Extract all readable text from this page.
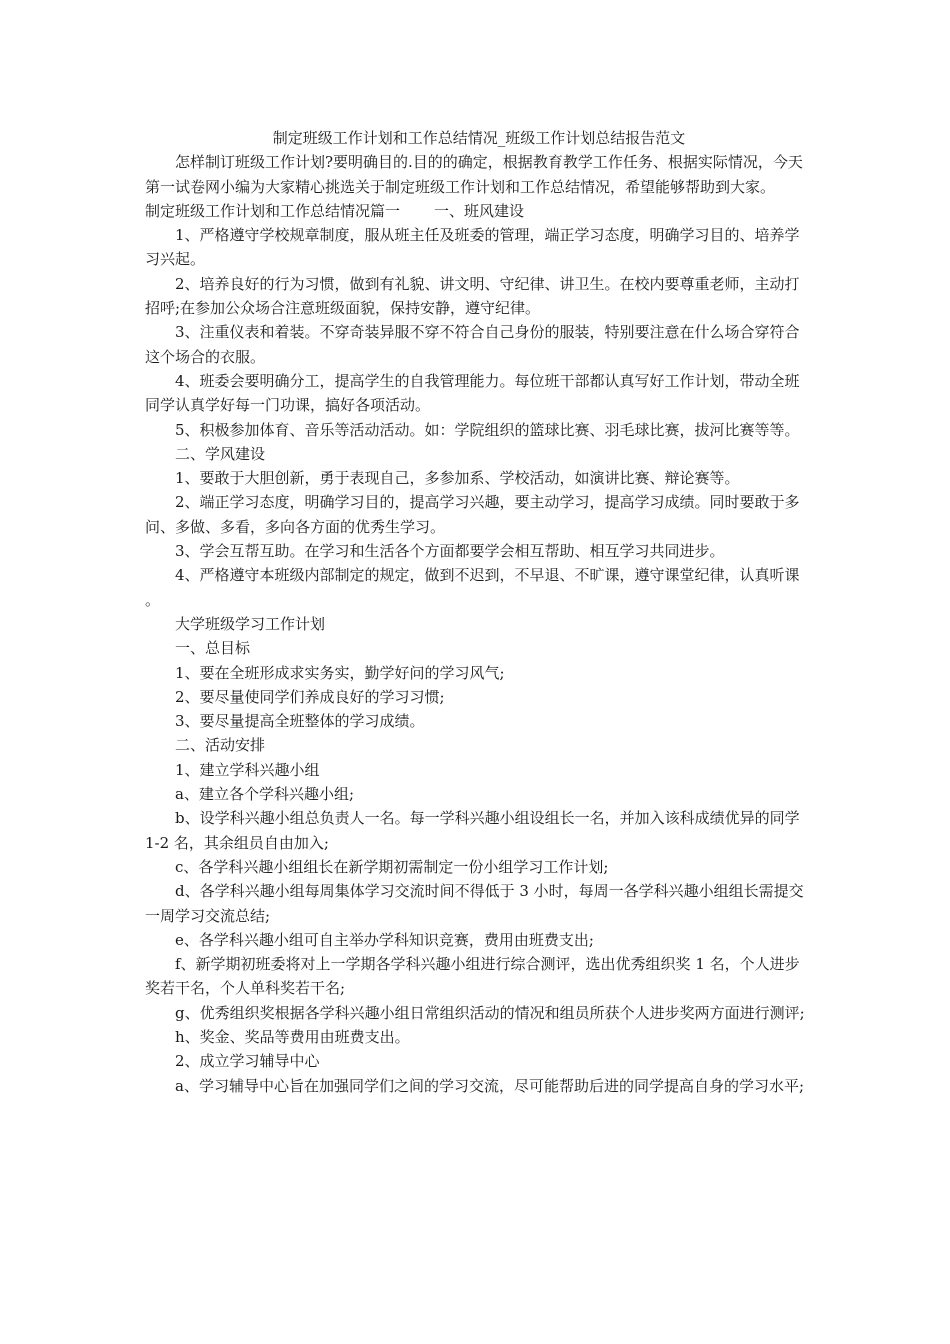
制定班级工作计划和工作总结情况_班级工作计划总结报告范文

怎样制订班级工作计划?要明确目的.目的的确定，根据教育教学工作任务、根据实际情况，今天第一试卷网小编为大家精心挑选关于制定班级工作计划和工作总结情况，希望能够帮助到大家。

制定班级工作计划和工作总结情况篇一 一、班风建设

1、严格遵守学校规章制度，服从班主任及班委的管理，端正学习态度，明确学习目的、培养学习兴起。

2、培养良好的行为习惯，做到有礼貌、讲文明、守纪律、讲卫生。在校内要尊重老师，主动打招呼;在参加公众场合注意班级面貌，保持安静，遵守纪律。

3、注重仪表和着装。不穿奇装异服不穿不符合自己身份的服装，特别要注意在什么场合穿符合这个场合的衣服。

4、班委会要明确分工，提高学生的自我管理能力。每位班干部都认真写好工作计划，带动全班同学认真学好每一门功课，搞好各项活动。

5、积极参加体育、音乐等活动活动。如：学院组织的篮球比赛、羽毛球比赛，拔河比赛等等。

二、学风建设

1、要敢于大胆创新，勇于表现自己，多参加系、学校活动，如演讲比赛、辩论赛等。

2、端正学习态度，明确学习目的，提高学习兴趣，要主动学习，提高学习成绩。同时要敢于多问、多做、多看，多向各方面的优秀生学习。

3、学会互帮互助。在学习和生活各个方面都要学会相互帮助、相互学习共同进步。

4、严格遵守本班级内部制定的规定，做到不迟到，不早退、不旷课，遵守课堂纪律，认真听课。

大学班级学习工作计划

一、总目标

1、要在全班形成求实务实，勤学好问的学习风气;

2、要尽量使同学们养成良好的学习习惯;

3、要尽量提高全班整体的学习成绩。

二、活动安排

1、建立学科兴趣小组

a、建立各个学科兴趣小组;

b、设学科兴趣小组总负责人一名。每一学科兴趣小组设组长一名，并加入该科成绩优异的同学 1-2 名，其余组员自由加入;

c、各学科兴趣小组组长在新学期初需制定一份小组学习工作计划;

d、各学科兴趣小组每周集体学习交流时间不得低于 3 小时，每周一各学科兴趣小组组长需提交一周学习交流总结;

e、各学科兴趣小组可自主举办学科知识竞赛，费用由班费支出;

f、新学期初班委将对上一学期各学科兴趣小组进行综合测评，选出优秀组织奖 1 名，个人进步奖若干名，个人单科奖若干名;

g、优秀组织奖根据各学科兴趣小组日常组织活动的情况和组员所获个人进步奖两方面进行测评;

h、奖金、奖品等费用由班费支出。

2、成立学习辅导中心

a、学习辅导中心旨在加强同学们之间的学习交流，尽可能帮助后进的同学提高自身的学习水平;
